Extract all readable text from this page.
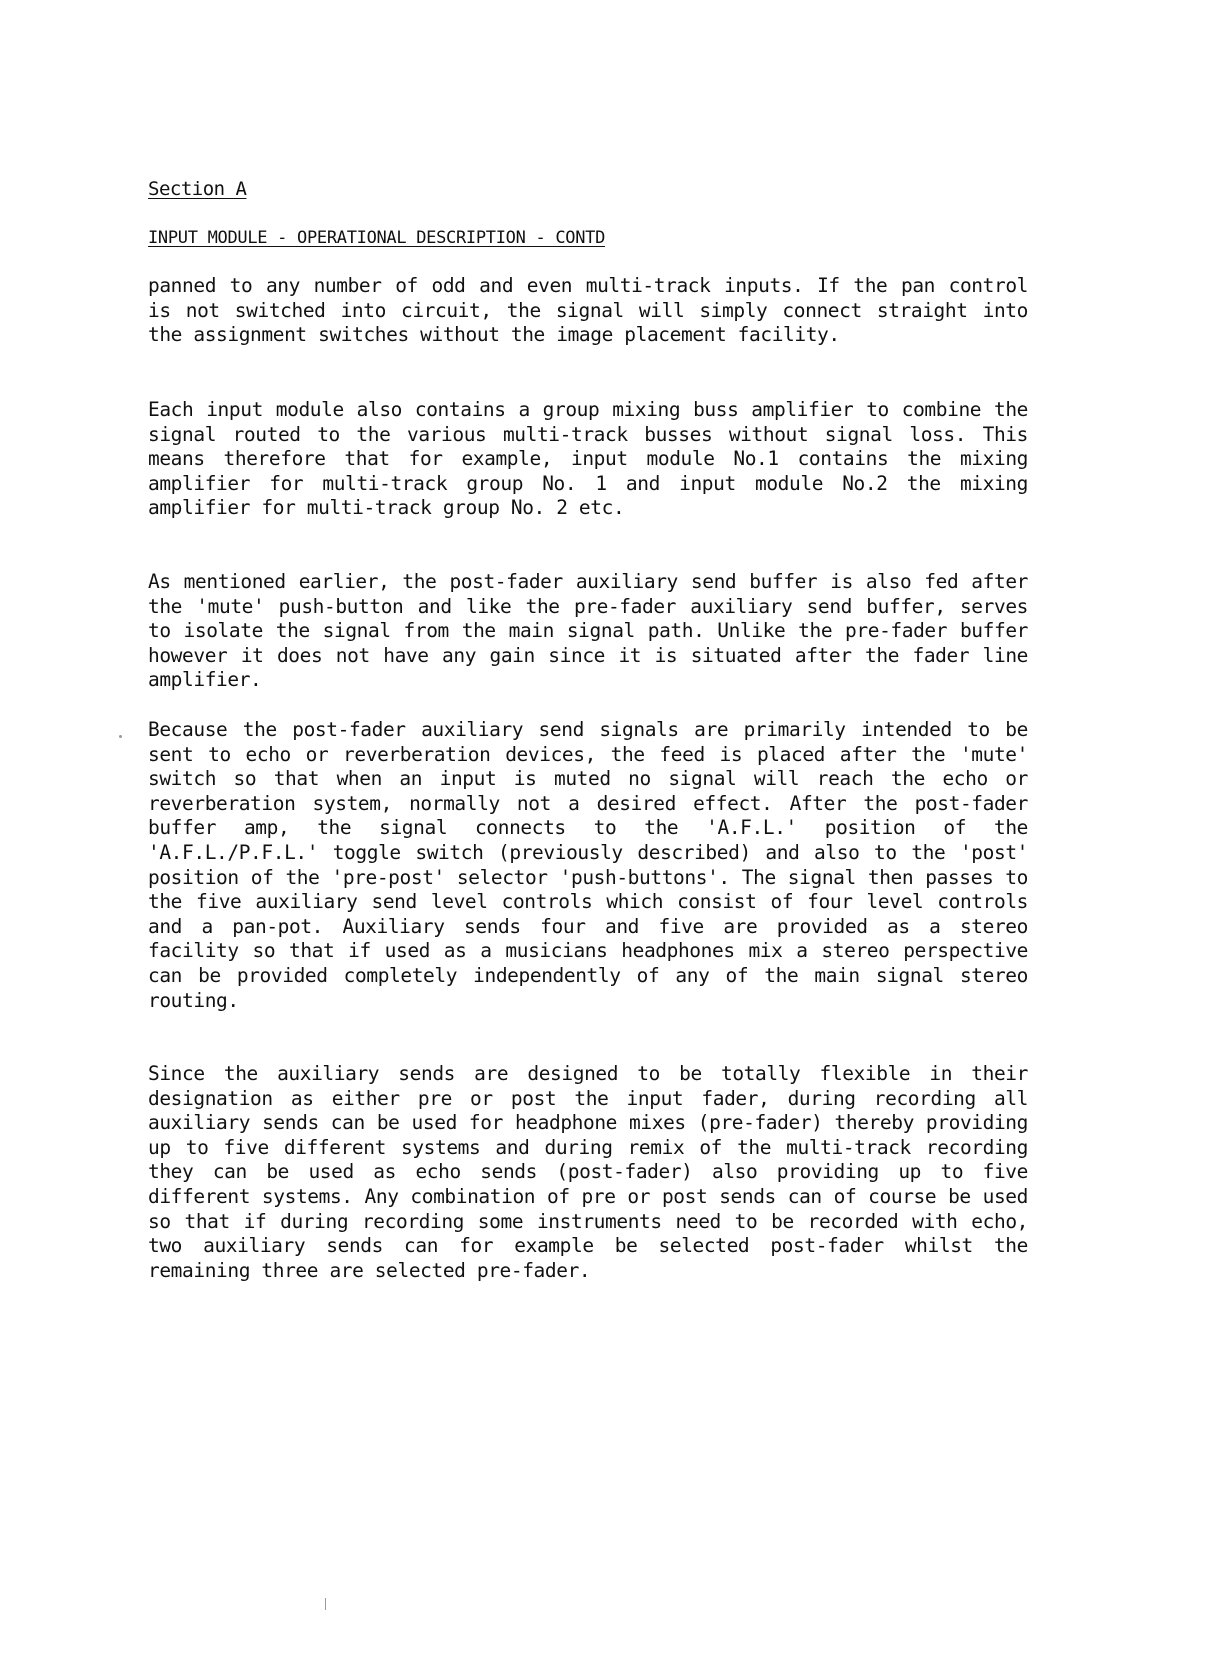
Section A
INPUT MODULE - OPERATIONAL DESCRIPTION - CONTD

panned to any number of odd and even multi-track inputs. If the pan control is not switched into circuit, the signal will simply connect straight into the assignment switches without the image placement facility.

Each input module also contains a group mixing buss amplifier to combine the signal routed to the various multi-track busses without signal loss. This means therefore that for example, input module No.1 contains the mixing amplifier for multi-track group No. 1 and input module No.2 the mixing amplifier for multi-track group No. 2 etc.

As mentioned earlier, the post-fader auxiliary send buffer is also fed after the 'mute' push-button and like the pre-fader auxiliary send buffer, serves to isolate the signal from the main signal path. Unlike the pre-fader buffer however it does not have any gain since it is situated after the fader line amplifier.

Because the post-fader auxiliary send signals are primarily intended to be sent to echo or reverberation devices, the feed is placed after the 'mute' switch so that when an input is muted no signal will reach the echo or reverberation system, normally not a desired effect. After the post-fader buffer amp, the signal connects to the 'A.F.L.' position of the 'A.F.L./P.F.L.' toggle switch (previously described) and also to the 'post' position of the 'pre-post' selector 'push-buttons'. The signal then passes to the five auxiliary send level controls which consist of four level controls and a pan-pot. Auxiliary sends four and five are provided as a stereo facility so that if used as a musicians headphones mix a stereo perspective can be provided completely independently of any of the main signal stereo routing.

Since the auxiliary sends are designed to be totally flexible in their designation as either pre or post the input fader, during recording all auxiliary sends can be used for headphone mixes (pre-fader) thereby providing up to five different systems and during remix of the multi-track recording they can be used as echo sends (post-fader) also providing up to five different systems. Any combination of pre or post sends can of course be used so that if during recording some instruments need to be recorded with echo, two auxiliary sends can for example be selected post-fader whilst the remaining three are selected pre-fader.
